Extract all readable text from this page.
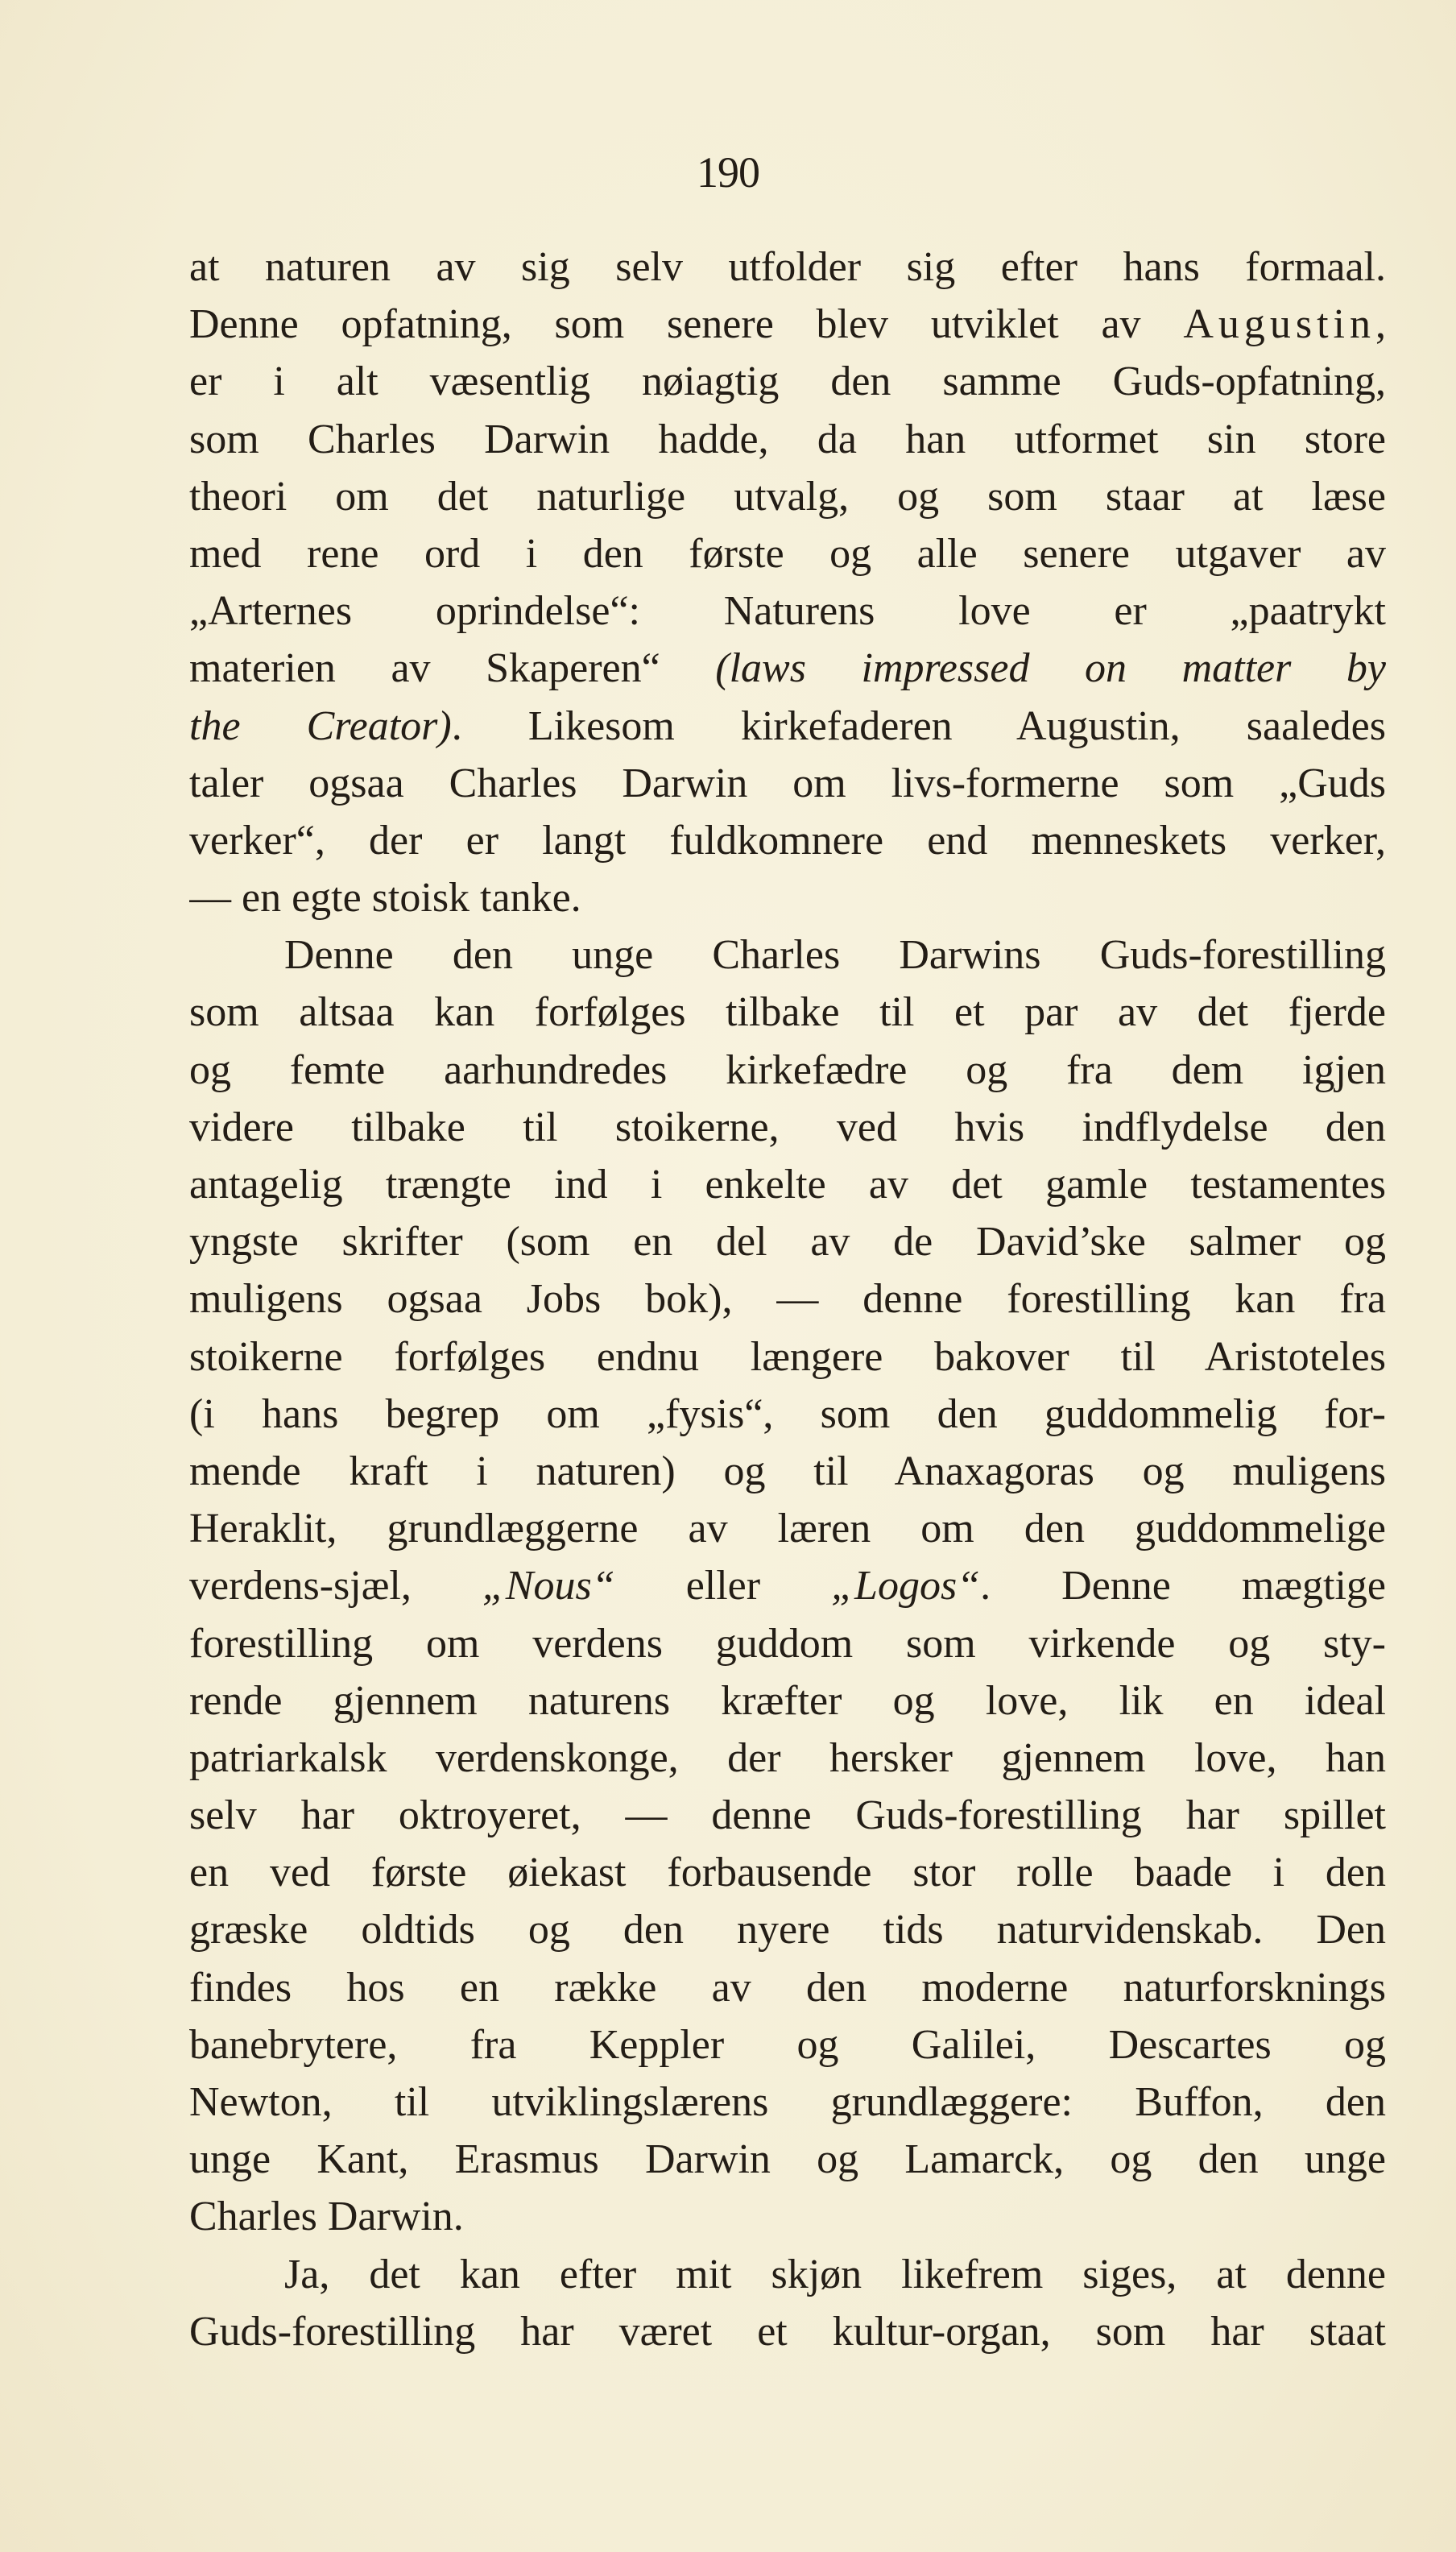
190
at naturen av sig selv utfolder sig efter hans formaal.
Denne opfatning, som senere blev utviklet av Augustin,
er i alt væsentlig nøiagtig den samme Guds-opfatning,
som Charles Darwin hadde, da han utformet sin store
theori om det naturlige utvalg, og som staar at læse
med rene ord i den første og alle senere utgaver av
„Arternes oprindelse“: Naturens love er „paatrykt
materien av Skaperen“ (laws impressed on matter by
the Creator). Likesom kirkefaderen Augustin, saaledes
taler ogsaa Charles Darwin om livs-formerne som „Guds
verker“, der er langt fuldkomnere end menneskets verker,
— en egte stoisk tanke.
Denne den unge Charles Darwins Guds-forestilling
som altsaa kan forfølges tilbake til et par av det fjerde
og femte aarhundredes kirkefædre og fra dem igjen
videre tilbake til stoikerne, ved hvis indflydelse den
antagelig trængte ind i enkelte av det gamle testamentes
yngste skrifter (som en del av de David’ske salmer og
muligens ogsaa Jobs bok), — denne forestilling kan fra
stoikerne forfølges endnu længere bakover til Aristoteles
(i hans begrep om „fysis“, som den guddommelig for-
mende kraft i naturen) og til Anaxagoras og muligens
Heraklit, grundlæggerne av læren om den guddommelige
verdens-sjæl, „Nous“ eller „Logos“. Denne mægtige
forestilling om verdens guddom som virkende og sty-
rende gjennem naturens kræfter og love, lik en ideal
patriarkalsk verdenskonge, der hersker gjennem love, han
selv har oktroyeret, — denne Guds-forestilling har spillet
en ved første øiekast forbausende stor rolle baade i den
græske oldtids og den nyere tids naturvidenskab. Den
findes hos en række av den moderne naturforsknings
banebrytere, fra Keppler og Galilei, Descartes og
Newton, til utviklingslærens grundlæggere: Buffon, den
unge Kant, Erasmus Darwin og Lamarck, og den unge
Charles Darwin.
Ja, det kan efter mit skjøn likefrem siges, at denne
Guds-forestilling har været et kultur-organ, som har staat
